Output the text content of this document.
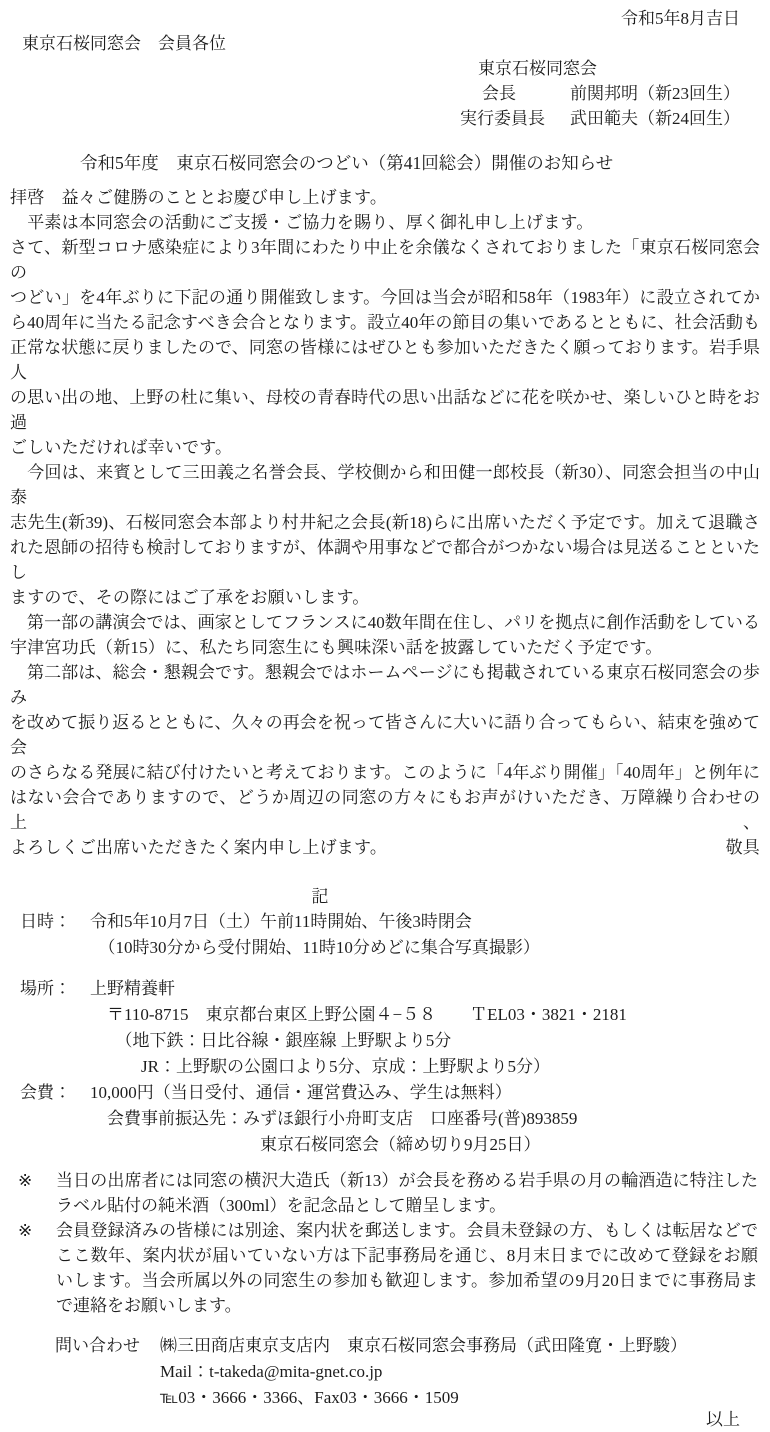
令和5年8月吉日
東京石桜同窓会　会員各位
東京石桜同窓会
会長	前関邦明（新23回生）
実行委員長	武田範夫（新24回生）
令和5年度　東京石桜同窓会のつどい（第41回総会）開催のお知らせ
拝啓　益々ご健勝のこととお慶び申し上げます。
　平素は本同窓会の活動にご支援・ご協力を賜り、厚く御礼申し上げます。
さて、新型コロナ感染症により3年間にわたり中止を余儀なくされておりました「東京石桜同窓会の
つどい」を4年ぶりに下記の通り開催致します。今回は当会が昭和58年（1983年）に設立されてか
ら40周年に当たる記念すべき会合となります。設立40年の節目の集いであるとともに、社会活動も
正常な状態に戻りましたので、同窓の皆様にはぜひとも参加いただきたく願っております。岩手県人
の思い出の地、上野の杜に集い、母校の青春時代の思い出話などに花を咲かせ、楽しいひと時をお過
ごしいただければ幸いです。
　今回は、来賓として三田義之名誉会長、学校側から和田健一郎校長（新30）、同窓会担当の中山泰
志先生(新39)、石桜同窓会本部より村井紀之会長(新18)らに出席いただく予定です。加えて退職さ
れた恩師の招待も検討しておりますが、体調や用事などで都合がつかない場合は見送ることといたし
ますので、その際にはご了承をお願いします。
　第一部の講演会では、画家としてフランスに40数年間在住し、パリを拠点に創作活動をしている
宇津宮功氏（新15）に、私たち同窓生にも興味深い話を披露していただく予定です。
　第二部は、総会・懇親会です。懇親会ではホームページにも掲載されている東京石桜同窓会の歩み
を改めて振り返るとともに、久々の再会を祝って皆さんに大いに語り合ってもらい、結束を強めて会
のさらなる発展に結び付けたいと考えております。このように「4年ぶり開催」「40周年」と例年に
はない会合でありますので、どうか周辺の同窓の方々にもお声がけいただき、万障繰り合わせの上、
よろしくご出席いただきたく案内申し上げます。	敬具
記
日時：	令和5年10月7日（土）午前11時開始、午後3時閉会
　（10時30分から受付開始、11時10分めどに集合写真撮影）
場所：	上野精養軒
　〒110-8715　東京都台東区上野公園４−５８　　ＴEL03・3821・2181
　　（地下鉄：日比谷線・銀座線 上野駅より5分
　　　JR：上野駅の公園口より5分、京成：上野駅より5分）
会費：	10,000円（当日受付、通信・運営費込み、学生は無料）
　会費事前振込先：みずほ銀行小舟町支店　口座番号(普)893859
　　　　　　　　　　東京石桜同窓会（締め切り9月25日）
※	当日の出席者には同窓の横沢大造氏（新13）が会長を務める岩手県の月の輪酒造に特注したラベル貼付の純米酒（300ml）を記念品として贈呈します。
※	会員登録済みの皆様には別途、案内状を郵送します。会員未登録の方、もしくは転居などでここ数年、案内状が届いていない方は下記事務局を通じ、8月末日までに改めて登録をお願いします。当会所属以外の同窓生の参加も歓迎します。参加希望の9月20日までに事務局まで連絡をお願いします。
問い合わせ	㈱三田商店東京支店内　東京石桜同窓会事務局（武田隆寛・上野駿）
Mail：t-takeda@mita-gnet.co.jp
℡03・3666・3366、Fax03・3666・1509
以上
